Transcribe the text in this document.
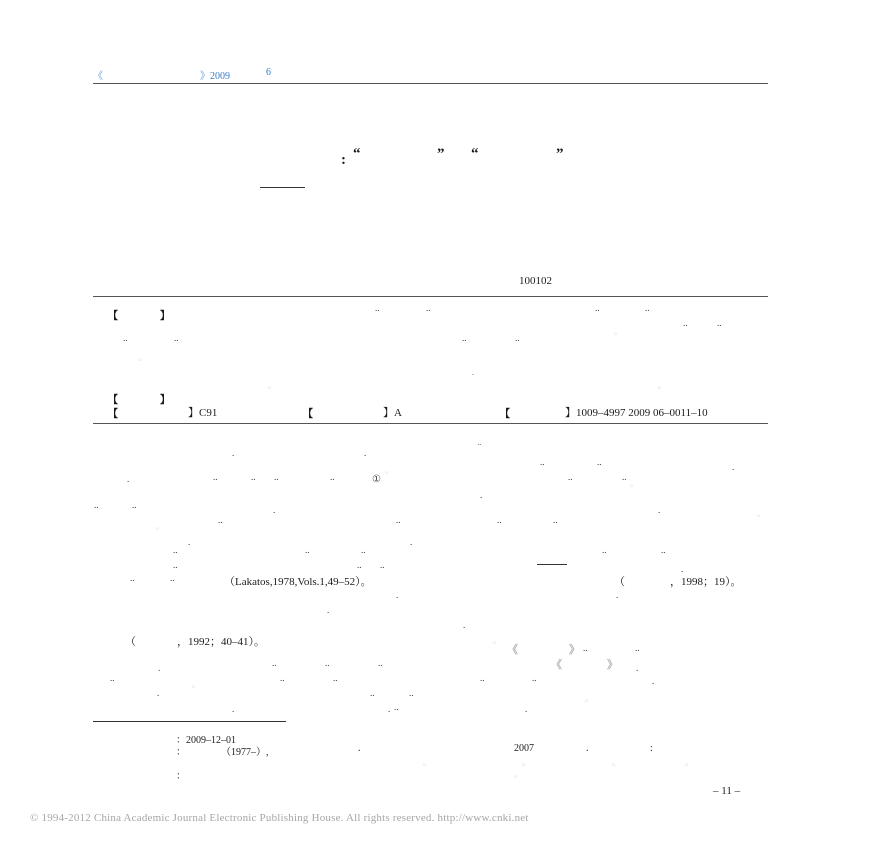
《	》2009	6
: “	” “	”
100102
【	】
..	..	..	..
..	..
..	..	..	..
【	】
【	】C91	【	】A	【	】1009–4997 2009 06–0011–10
①
（Lakatos,1978,Vols.1,49–52）。	（	，1998；19）。
（	，1992；40–41）。
《	》
《	》
¨
.	.
..	..	.
.	..	.. ..	..	..	..
.
..	..	.	.
..	..	..	..
.	.
..	..	..	..	..
..	.. ..	.
..	..
.	.
.
.
..	..
.	..	..	..	.
..	..	..	..	..	.
.	..	..
.	. ..	.
。
。
.
。	。
。
。
。
。
。
。
。
：2009–12–01
：	（1977–）,	.	2007	.	:
。	。	。	。
：	。
– 11 –
© 1994-2012 China Academic Journal Electronic Publishing House. All rights reserved. http://www.cnki.net
